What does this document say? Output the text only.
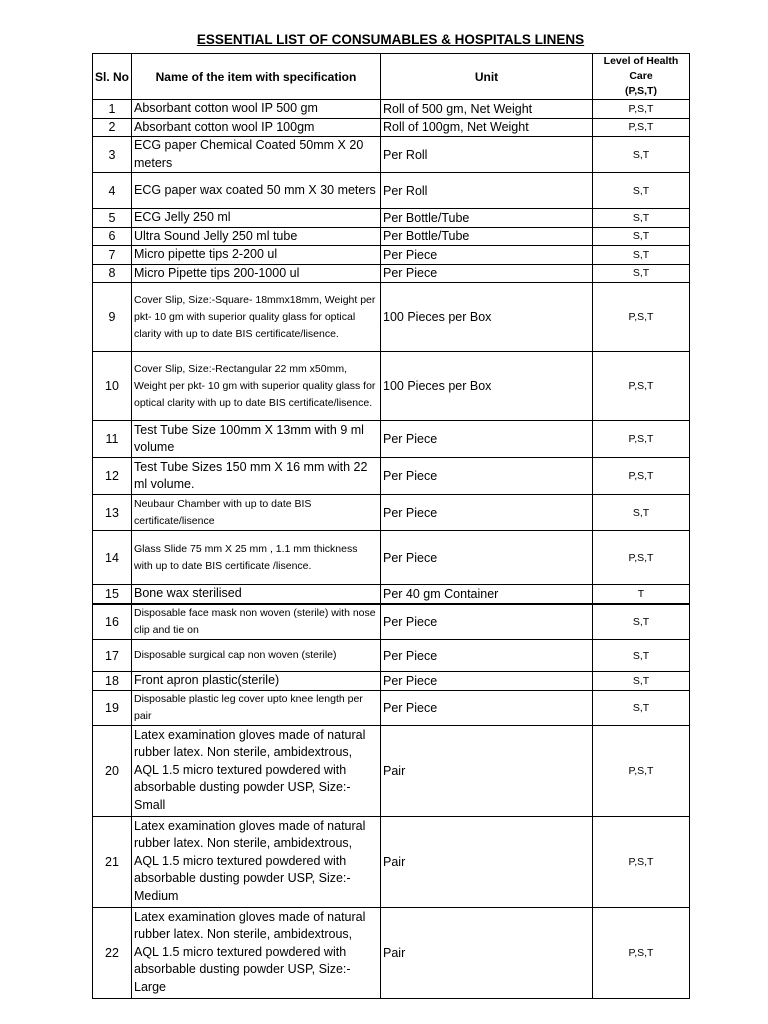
ESSENTIAL LIST OF CONSUMABLES & HOSPITALS LINENS
Sl. No	Name of the item with specification	Unit	Level of Health Care
(P,S,T)

1	Absorbant cotton wool IP 500 gm	Roll of 500 gm, Net Weight	P,S,T
2	Absorbant cotton wool IP 100gm	Roll of 100gm, Net Weight	P,S,T
3	ECG paper Chemical Coated 50mm X 20 meters	Per Roll	S,T
4	ECG paper wax coated 50 mm X 30 meters	Per Roll	S,T
5	ECG Jelly 250 ml	Per Bottle/Tube	S,T
6	Ultra Sound Jelly 250 ml tube	Per Bottle/Tube	S,T
7	Micro pipette tips 2-200 ul	Per Piece	S,T
8	Micro Pipette tips 200-1000 ul	Per Piece	S,T
9	Cover Slip, Size:-Square- 18mmx18mm, Weight per pkt- 10 gm with superior quality glass for optical clarity with up to date BIS certificate/lisence.	100 Pieces per Box	P,S,T
10	Cover Slip, Size:-Rectangular 22 mm x50mm, Weight per pkt- 10 gm with superior quality glass for optical clarity with up to date BIS certificate/lisence.	100 Pieces per Box	P,S,T
11	Test Tube Size 100mm X 13mm with 9 ml volume	Per Piece	P,S,T
12	Test Tube Sizes 150 mm X 16 mm with 22 ml volume.	Per Piece	P,S,T
13	Neubaur Chamber with up to date BIS certificate/lisence	Per Piece	S,T
14	Glass Slide 75 mm X 25 mm , 1.1 mm thickness with up to date BIS certificate /lisence.	Per Piece	P,S,T
15	Bone wax sterilised	Per 40 gm Container	T
16	Disposable face mask non woven (sterile) with nose clip and tie on	Per Piece	S,T
17	Disposable surgical cap non woven (sterile)	Per Piece	S,T
18	Front apron plastic(sterile)	Per Piece	S,T
19	Disposable plastic leg cover upto knee length per pair	Per Piece	S,T
20	Latex examination gloves made of natural rubber latex. Non sterile, ambidextrous, AQL 1.5 micro textured powdered with absorbable dusting powder USP, Size:-Small	Pair	P,S,T
21	Latex examination gloves made of natural rubber latex. Non sterile, ambidextrous, AQL 1.5 micro textured powdered with absorbable dusting powder USP, Size:-Medium	Pair	P,S,T
22	Latex examination gloves made of natural rubber latex. Non sterile, ambidextrous, AQL 1.5 micro textured powdered with absorbable dusting powder USP, Size:-Large	Pair	P,S,T
